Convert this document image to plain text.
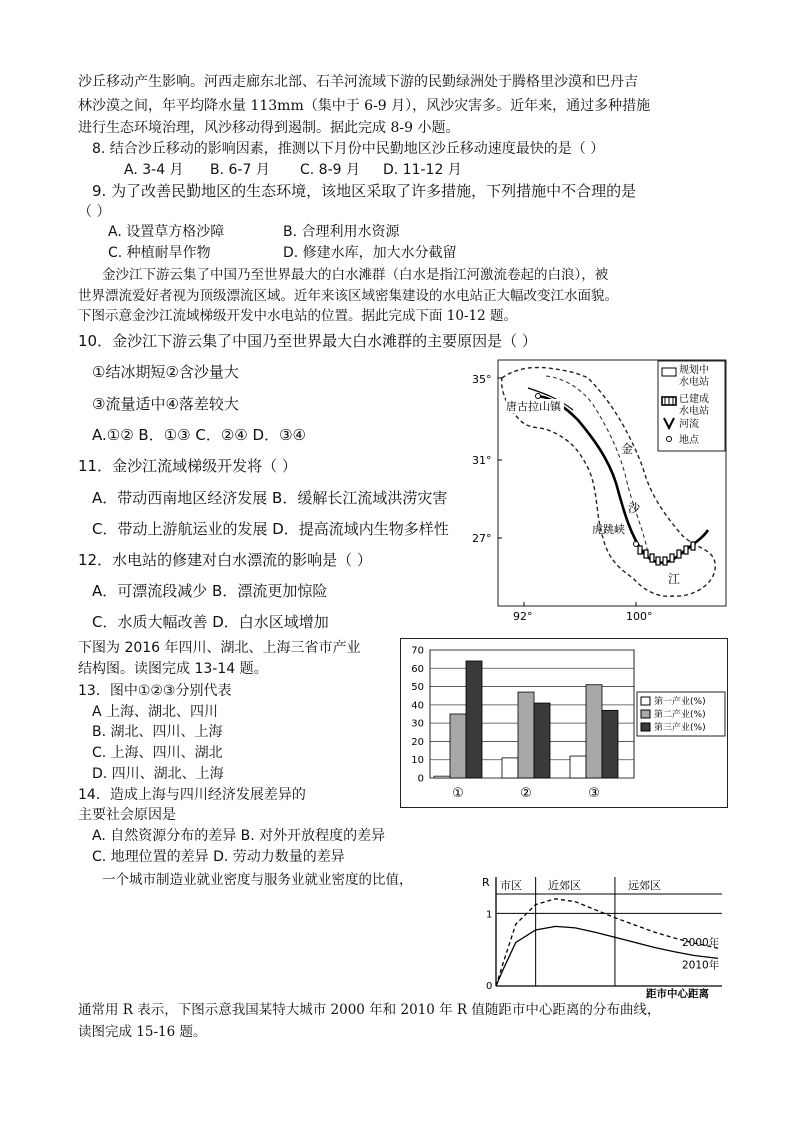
沙丘移动产生影响。河西走廊东北部、石羊河流域下游的民勤绿洲处于腾格里沙漠和巴丹吉
林沙漠之间，年平均降水量 113mm（集中于 6-9 月），风沙灾害多。近年来，通过多种措施
进行生态环境治理，风沙移动得到遏制。据此完成 8-9 小题。
8. 结合沙丘移动的影响因素，推测以下月份中民勤地区沙丘移动速度最快的是（ ）
A. 3-4 月 B. 6-7 月 C. 8-9 月 D. 11-12 月
9. 为了改善民勤地区的生态环境，该地区采取了许多措施，下列措施中不合理的是
（ ）
A. 设置草方格沙障	B. 合理利用水资源
C. 种植耐旱作物	D. 修建水库，加大水分截留
金沙江下游云集了中国乃至世界最大的白水滩群（白水是指江河激流卷起的白浪），被
世界漂流爱好者视为顶级漂流区域。近年来该区域密集建设的水电站正大幅改变江水面貌。
下图示意金沙江流域梯级开发中水电站的位置。据此完成下面 10-12 题。
10．金沙江下游云集了中国乃至世界最大白水滩群的主要原因是（ ）
①结冰期短②含沙量大
③流量适中④落差较大
A.①② B．①③ C．②④ D．③④
11．金沙江流域梯级开发将（ ）
A．带动西南地区经济发展 B．缓解长江流域洪涝灾害
C．带动上游航运业的发展 D．提高流域内生物多样性
12．水电站的修建对白水漂流的影响是（ ）
A．可漂流段减少 B．漂流更加惊险
C．水质大幅改善 D．白水区域增加
下图为 2016 年四川、湖北、上海三省市产业
结构图。读图完成 13-14 题。
13．图中①②③分别代表
A 上海、湖北、四川
B. 湖北、四川、上海
C. 上海、四川、湖北
D. 四川、湖北、上海
14．造成上海与四川经济发展差异的
主要社会原因是
A. 自然资源分布的差异 B. 对外开放程度的差异
C. 地理位置的差异 D. 劳动力数量的差异
一个城市制造业就业密度与服务业就业密度的比值，
通常用 R 表示，下图示意我国某特大城市 2000 年和 2010 年 R 值随距市中心距离的分布曲线，
读图完成 15-16 题。
35°
31°
27°
92°	100°
唐古拉山镇
虎跳峡
金
沙
江
规划中
水电站
已建成
水电站
河流
地点
0
10
20
30
40
50
60
70
①	②	③
第一产业(%)
第二产业(%)
第三产业(%)
R
1
0
市区 近郊区	远郊区
距市中心距离
2000年
2010年
